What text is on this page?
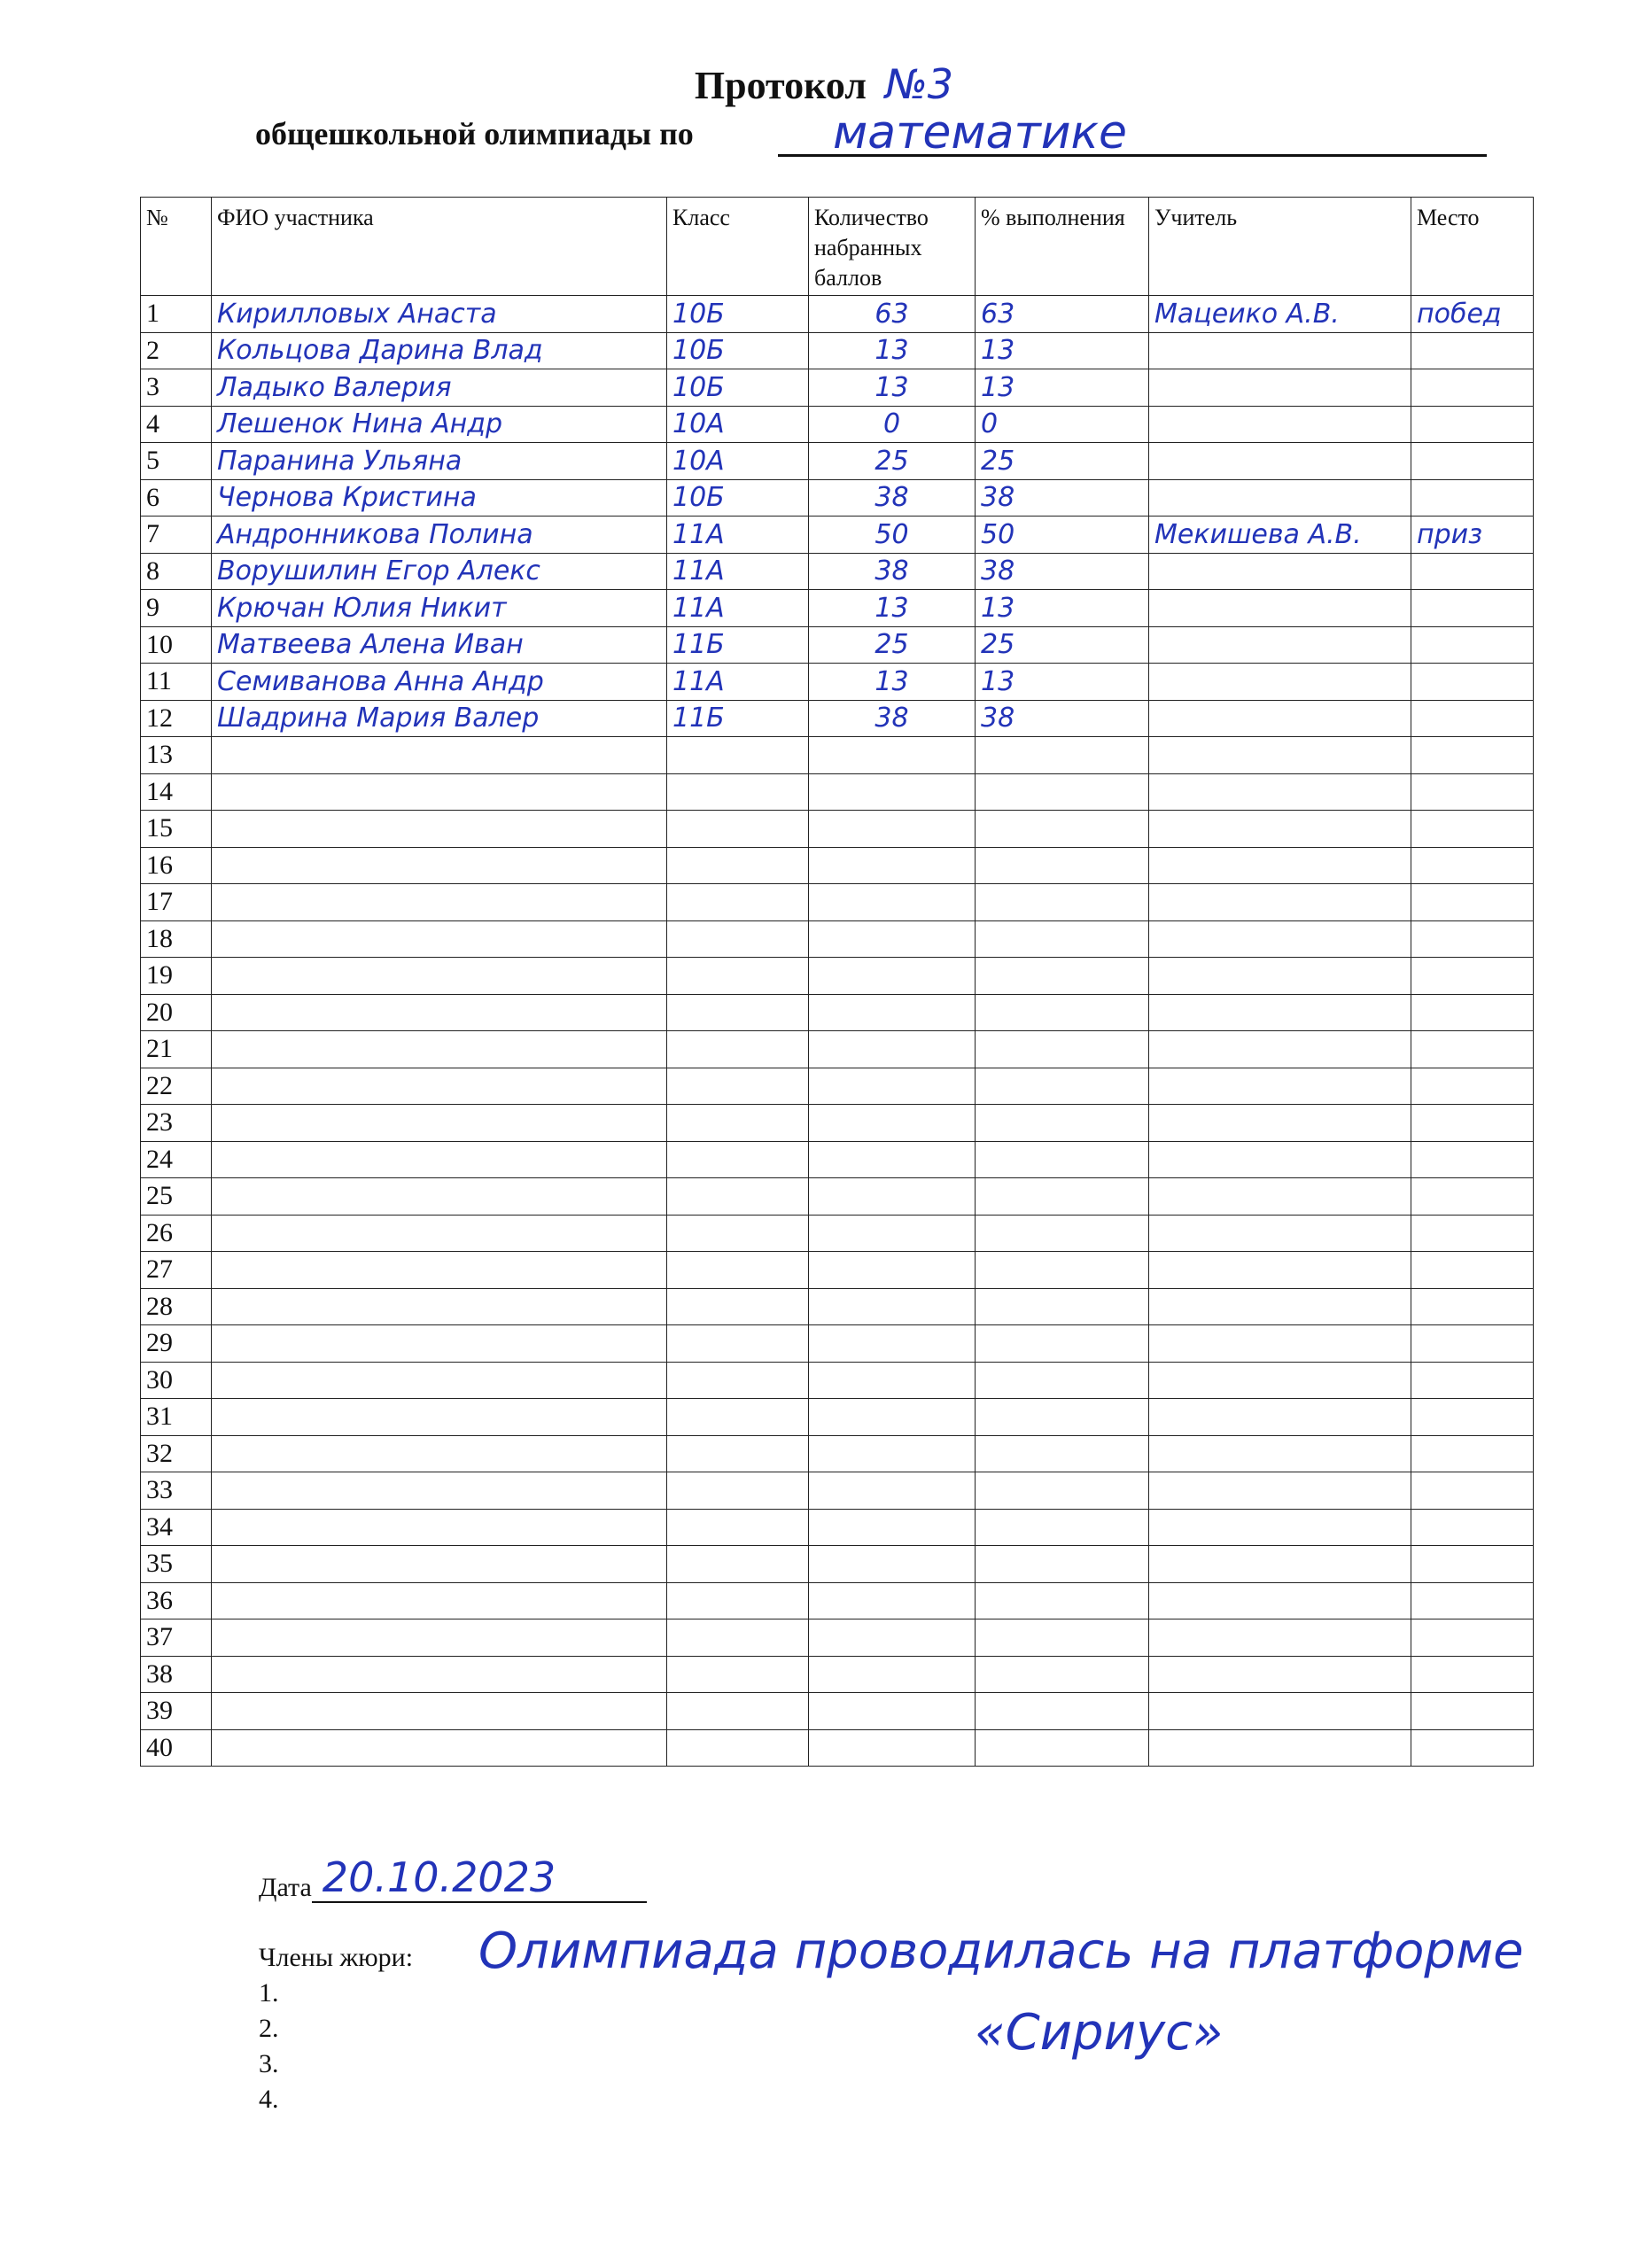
Протокол №3
общешкольной олимпиады по	математике
№	ФИО участника	Класс	Количество набранных баллов	% выполнения	Учитель	Место
1	Кирилловых Анаста	10Б	63	63	Мацеико А.В.	побед
2	Кольцова Дарина Влад	10Б	13	13		
3	Ладыко Валерия	10Б	13	13		
4	Лешенок Нина Андр	10А	0	0		
5	Паранина Ульяна	10А	25	25		
6	Чернова Кристина	10Б	38	38		
7	Андронникова Полина	11А	50	50	Мекишева А.В.	приз
8	Ворушилин Егор Алекс	11А	38	38		
9	Крючан Юлия Никит	11А	13	13		
10	Матвеева Алена Иван	11Б	25	25		
11	Семиванова Анна Андр	11А	13	13		
12	Шадрина Мария Валер	11Б	38	38		
13						
14						
15						
16						
17						
18						
19						
20						
21						
22						
23						
24						
25						
26						
27						
28						
29						
30						
31						
32						
33						
34						
35						
36						
37						
38						
39						
40						
Дата 20.10.2023
Члены жюри:
1.
2.
3.
4.
Олимпиада проводилась на платформе
«Сириус»
